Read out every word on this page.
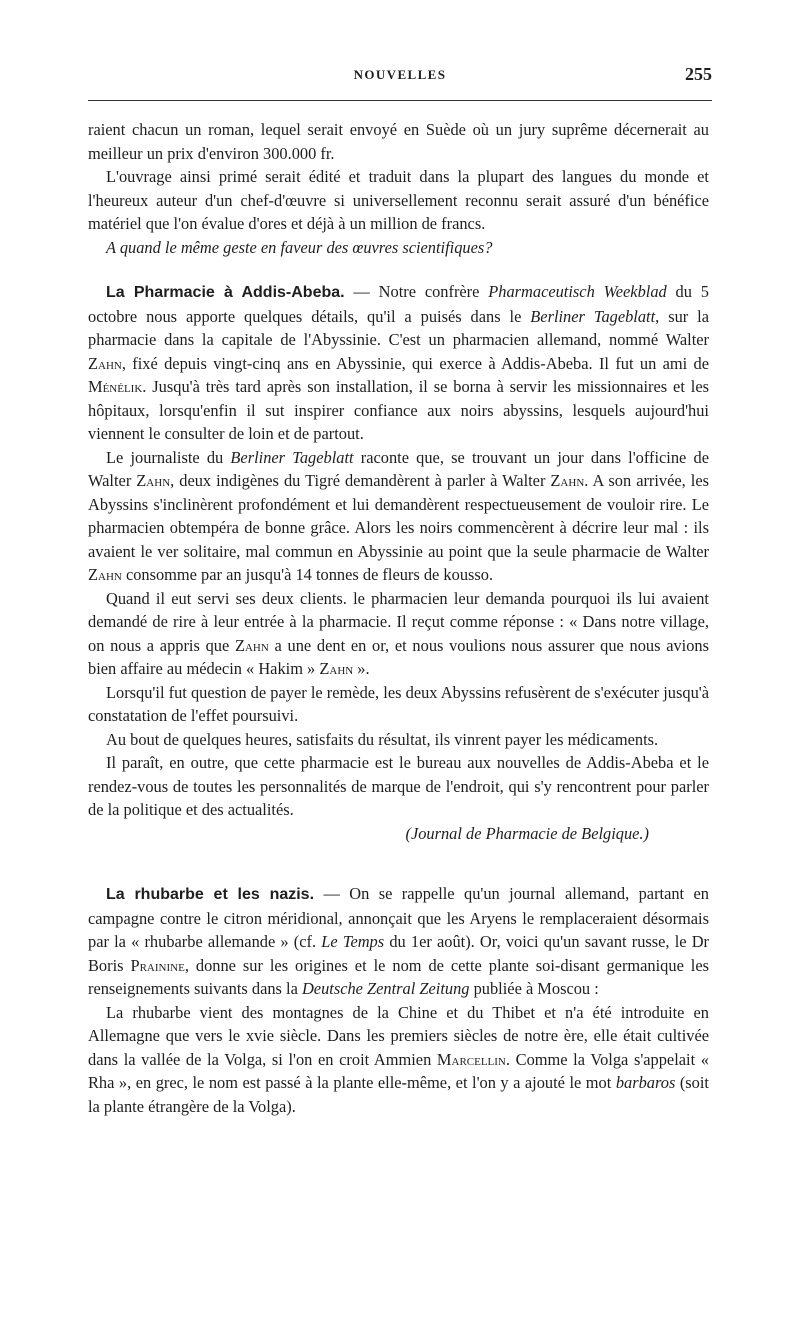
NOUVELLES	255

raient chacun un roman, lequel serait envoyé en Suède où un jury suprême décernerait au meilleur un prix d'environ 300.000 fr.

L'ouvrage ainsi primé serait édité et traduit dans la plupart des langues du monde et l'heureux auteur d'un chef-d'œuvre si universellement reconnu serait assuré d'un bénéfice matériel que l'on évalue d'ores et déjà à un million de francs.

A quand le même geste en faveur des œuvres scientifiques?

La Pharmacie à Addis-Abeba. — Notre confrère Pharmaceutisch Weekblad du 5 octobre nous apporte quelques détails, qu'il a puisés dans le Berliner Tageblatt, sur la pharmacie dans la capitale de l'Abyssinie. C'est un pharmacien allemand, nommé Walter Zahn, fixé depuis vingt-cinq ans en Abyssinie, qui exerce à Addis-Abeba. Il fut un ami de Ménélik. Jusqu'à très tard après son installation, il se borna à servir les missionnaires et les hôpitaux, lorsqu'enfin il sut inspirer confiance aux noirs abyssins, lesquels aujourd'hui viennent le consulter de loin et de partout.

Le journaliste du Berliner Tageblatt raconte que, se trouvant un jour dans l'officine de Walter Zahn, deux indigènes du Tigré demandèrent à parler à Walter Zahn. A son arrivée, les Abyssins s'inclinèrent profondément et lui demandèrent respectueusement de vouloir rire. Le pharmacien obtempéra de bonne grâce. Alors les noirs commencèrent à décrire leur mal : ils avaient le ver solitaire, mal commun en Abyssinie au point que la seule pharmacie de Walter Zahn consomme par an jusqu'à 14 tonnes de fleurs de kousso.

Quand il eut servi ses deux clients. le pharmacien leur demanda pourquoi ils lui avaient demandé de rire à leur entrée à la pharmacie. Il reçut comme réponse : « Dans notre village, on nous a appris que Zahn a une dent en or, et nous voulions nous assurer que nous avions bien affaire au médecin « Hakim » Zahn ».

Lorsqu'il fut question de payer le remède, les deux Abyssins refusèrent de s'exécuter jusqu'à constatation de l'effet poursuivi.

Au bout de quelques heures, satisfaits du résultat, ils vinrent payer les médicaments.

Il paraît, en outre, que cette pharmacie est le bureau aux nouvelles de Addis-Abeba et le rendez-vous de toutes les personnalités de marque de l'endroit, qui s'y rencontrent pour parler de la politique et des actualités.

(Journal de Pharmacie de Belgique.)

La rhubarbe et les nazis. — On se rappelle qu'un journal allemand, partant en campagne contre le citron méridional, annonçait que les Aryens le remplaceraient désormais par la « rhubarbe allemande » (cf. Le Temps du 1er août). Or, voici qu'un savant russe, le Dr Boris Prainine, donne sur les origines et le nom de cette plante soi-disant germanique les renseignements suivants dans la Deutsche Zentral Zeitung publiée à Moscou :

La rhubarbe vient des montagnes de la Chine et du Thibet et n'a été introduite en Allemagne que vers le xvie siècle. Dans les premiers siècles de notre ère, elle était cultivée dans la vallée de la Volga, si l'on en croit Ammien Marcellin. Comme la Volga s'appelait « Rha », en grec, le nom est passé à la plante elle-même, et l'on y a ajouté le mot barbaros (soit la plante étrangère de la Volga).
